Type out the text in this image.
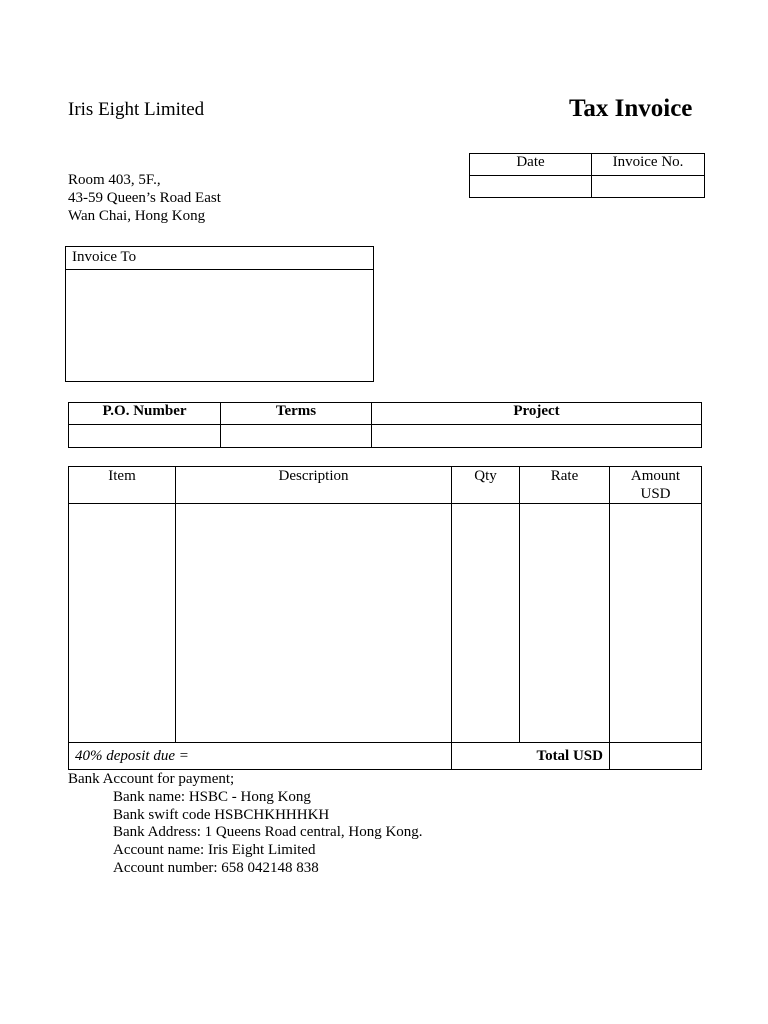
Iris Eight Limited	Tax Invoice
Room 403, 5F.,
43-59 Queen’s Road East
Wan Chai, Hong Kong
Date	Invoice No.

Invoice To
P.O. Number	Terms	Project

Item	Description	Qty	Rate	Amount
USD

40% deposit due =		Total USD		
Bank Account for payment;
Bank name: HSBC - Hong Kong
Bank swift code HSBCHKHHHKH
Bank Address: 1 Queens Road central, Hong Kong.
Account name: Iris Eight Limited
Account number: 658 042148 838
